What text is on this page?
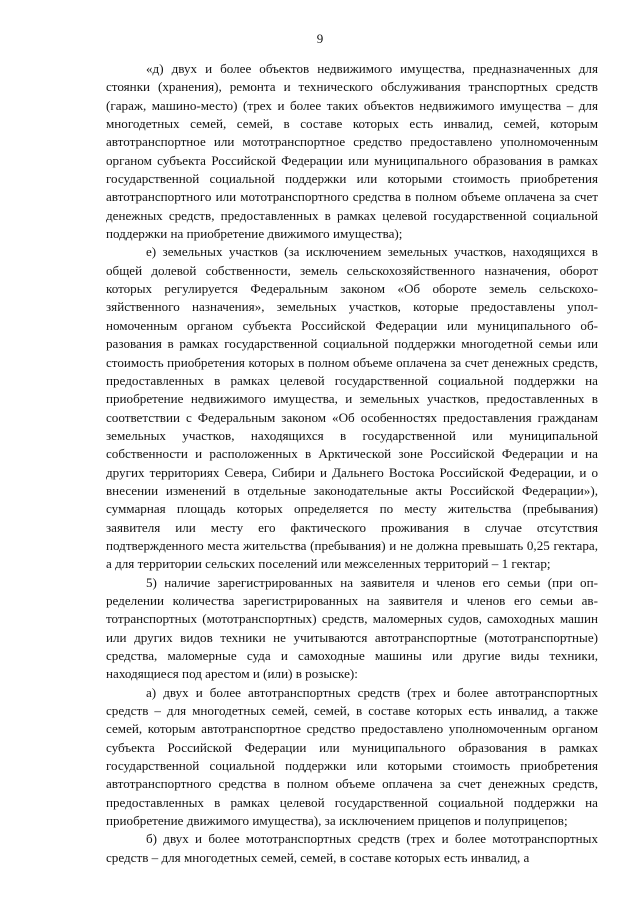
9

«д) двух и более объектов недвижимого имущества, предназначенных для стоянки (хранения), ремонта и технического обслуживания транспортных средств (гараж, машино-место) (трех и более таких объектов недвижимого имущества – для многодетных семей, семей, в составе которых есть инвалид, семей, которым автотранспортное или мототранспортное средство предоставлено уполномоченным органом субъекта Российской Федерации или муниципального образования в рамках государственной социальной поддержки или которыми стоимость приобретения автотранспортного или мототранспортного средства в полном объеме оплачена за счет денежных средств, предоставленных в рамках целевой государственной социальной поддержки на приобретение движимого имущества);

е) земельных участков (за исключением земельных участков, находящихся в общей долевой собственности, земель сельскохозяйственного назначения, оборот которых регулируется Федеральным законом «Об обороте земель сельскохозяйственного назначения», земельных участков, которые предоставлены уполномоченным органом субъекта Российской Федерации или муниципального образования в рамках государственной социальной поддержки многодетной семьи или стоимость приобретения которых в полном объеме оплачена за счет денежных средств, предоставленных в рамках целевой государственной социальной поддержки на приобретение недвижимого имущества, и земельных участков, предоставленных в соответствии с Федеральным законом «Об особенностях предоставления гражданам земельных участков, находящихся в государственной или муниципальной собственности и расположенных в Арктической зоне Российской Федерации и на других территориях Севера, Сибири и Дальнего Востока Российской Федерации, и о внесении изменений в отдельные законодательные акты Российской Федерации»), суммарная площадь которых определяется по месту жительства (пребывания) заявителя или месту его фактического проживания в случае отсутствия подтвержденного места жительства (пребывания) и не должна превышать 0,25 гектара, а для территории сельских поселений или межселенных территорий – 1 гектар;

5) наличие зарегистрированных на заявителя и членов его семьи (при определении количества зарегистрированных на заявителя и членов его семьи автотранспортных (мототранспортных) средств, маломерных судов, самоходных машин или других видов техники не учитываются автотранспортные (мототранспортные) средства, маломерные суда и самоходные машины или другие виды техники, находящиеся под арестом и (или) в розыске):

а) двух и более автотранспортных средств (трех и более автотранспортных средств – для многодетных семей, семей, в составе которых есть инвалид, а также семей, которым автотранспортное средство предоставлено уполномоченным органом субъекта Российской Федерации или муниципального образования в рамках государственной социальной поддержки или которыми стоимость приобретения автотранспортного средства в полном объеме оплачена за счет денежных средств, предоставленных в рамках целевой государственной социальной поддержки на приобретение движимого имущества), за исключением прицепов и полуприцепов;

б) двух и более мототранспортных средств (трех и более мототранспортных средств – для многодетных семей, семей, в составе которых есть инвалид, а
